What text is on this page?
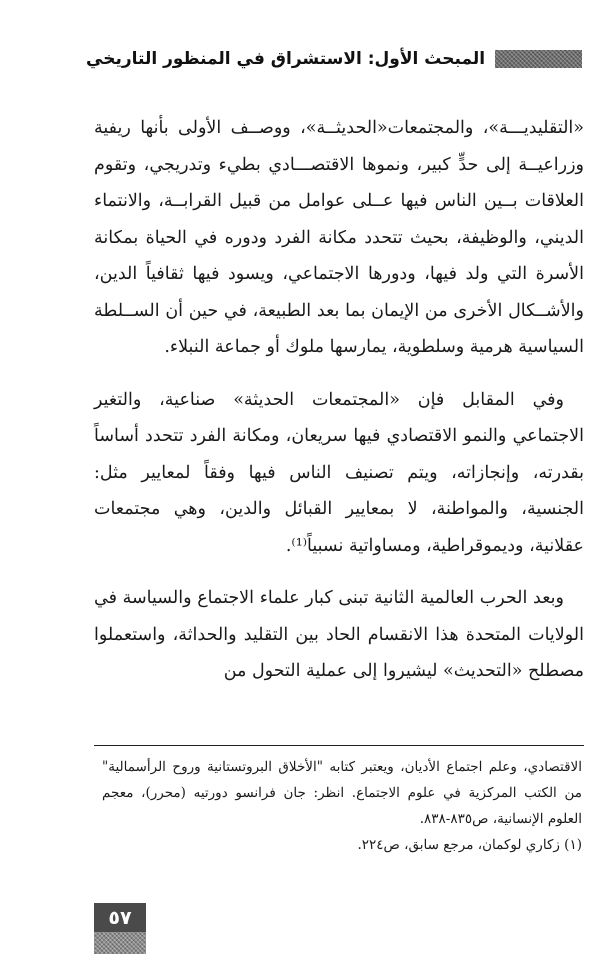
المبحث الأول: الاستشراق في المنظور التاريخي

«التقليديـــة»، والمجتمعات«الحديثــة»، ووصــف الأولى بأنها ريفية وزراعيــة إلى حدٍّ كبير، ونموها الاقتصـــادي بطيء وتدريجي، وتقوم العلاقات بــين الناس فيها عــلى عوامل من قبيل القرابــة، والانتماء الديني، والوظيفة، بحيث تتحدد مكانة الفرد ودوره في الحياة بمكانة الأسرة التي ولد فيها، ودورها الاجتماعي، ويسود فيها ثقافياً الدين، والأشــكال الأخرى من الإيمان بما بعد الطبيعة، في حين أن الســلطة السياسية هرمية وسلطوية، يمارسها ملوك أو جماعة النبلاء.

وفي المقابل فإن «المجتمعات الحديثة» صناعية، والتغير الاجتماعي والنمو الاقتصادي فيها سريعان، ومكانة الفرد تتحدد أساساً بقدرته، وإنجازاته، ويتم تصنيف الناس فيها وفقاً لمعايير مثل: الجنسية، والمواطنة، لا بمعايير القبائل والدين، وهي مجتمعات عقلانية، وديموقراطية، ومساواتية نسبياً⁽¹⁾.

وبعد الحرب العالمية الثانية تبنى كبار علماء الاجتماع والسياسة في الولايات المتحدة هذا الانقسام الحاد بين التقليد والحداثة، واستعملوا مصطلح «التحديث» ليشيروا إلى عملية التحول من

الاقتصادي، وعلم اجتماع الأديان، ويعتبر كتابه "الأخلاق البروتستانية وروح الرأسمالية" من الكتب المركزية في علوم الاجتماع. انظر: جان فرانسو دورتيه (محرر)، معجم العلوم الإنسانية، ص٨٣٥-٨٣٨.

(١) زكاري لوكمان، مرجع سابق، ص٢٢٤.

٥٧
